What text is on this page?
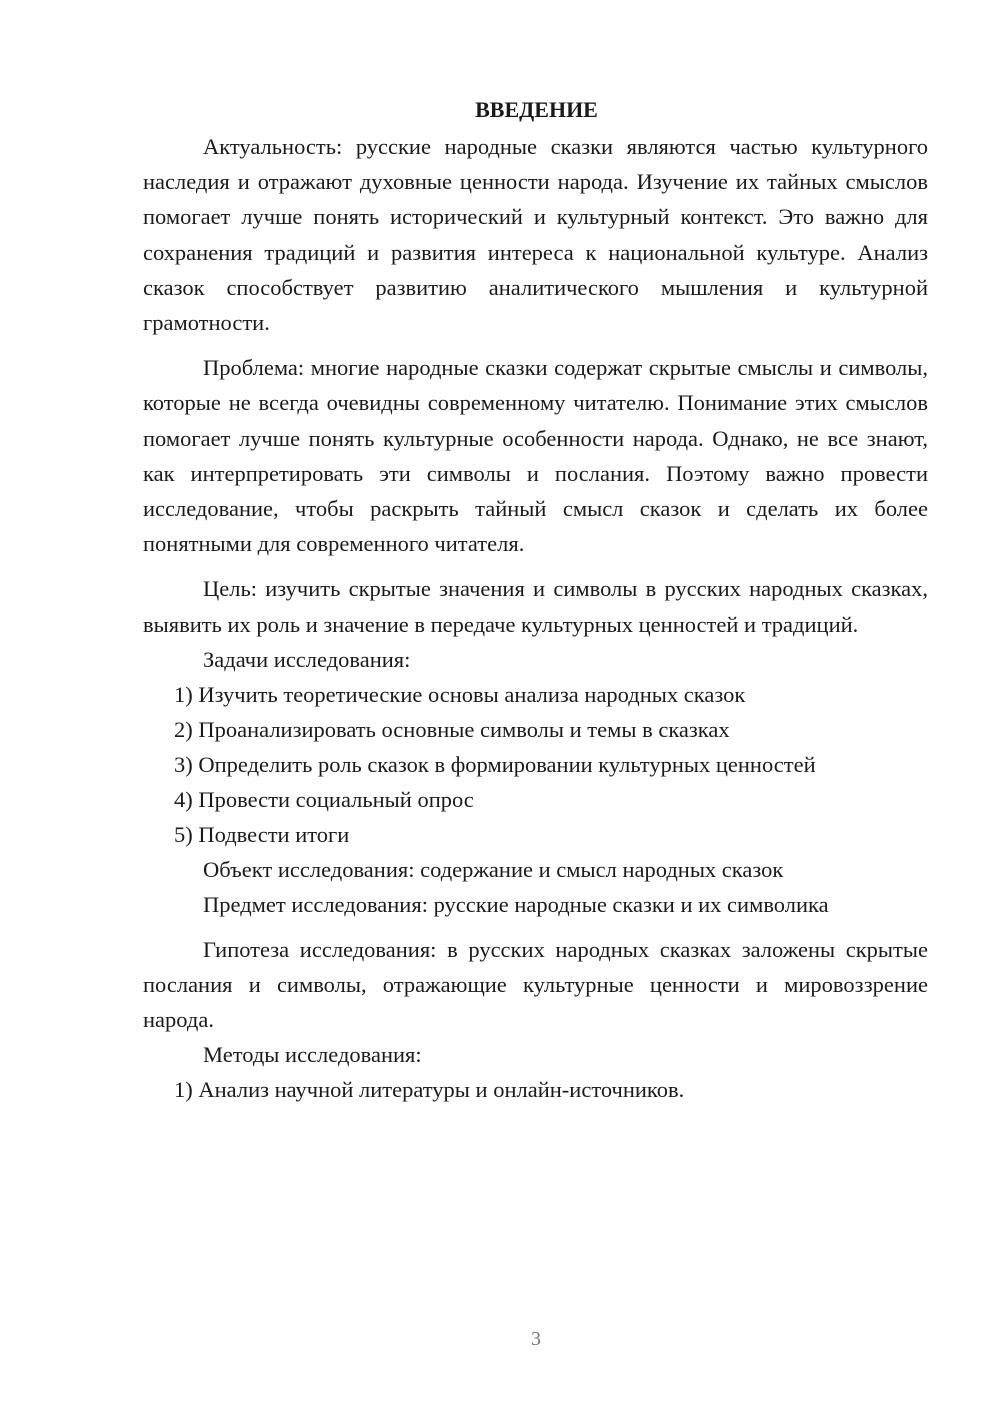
ВВЕДЕНИЕ

Актуальность: русские народные сказки являются частью культурного наследия и отражают духовные ценности народа. Изучение их тайных смыслов помогает лучше понять исторический и культурный контекст. Это важно для сохранения традиций и развития интереса к национальной культуре. Анализ сказок способствует развитию аналитического мышления и культурной грамотности.

Проблема: многие народные сказки содержат скрытые смыслы и символы, которые не всегда очевидны современному читателю. Понимание этих смыслов помогает лучше понять культурные особенности народа. Однако, не все знают, как интерпретировать эти символы и послания. Поэтому важно провести исследование, чтобы раскрыть тайный смысл сказок и сделать их более понятными для современного читателя.

Цель: изучить скрытые значения и символы в русских народных сказках, выявить их роль и значение в передаче культурных ценностей и традиций.

Задачи исследования:

1) Изучить теоретические основы анализа народных сказок

2) Проанализировать основные символы и темы в сказках

3) Определить роль сказок в формировании культурных ценностей

4) Провести социальный опрос

5) Подвести итоги

Объект исследования: содержание и смысл народных сказок

Предмет исследования: русские народные сказки и их символика

Гипотеза исследования: в русских народных сказках заложены скрытые послания и символы, отражающие культурные ценности и мировоззрение народа.

Методы исследования:

1) Анализ научной литературы и онлайн-источников.

3
